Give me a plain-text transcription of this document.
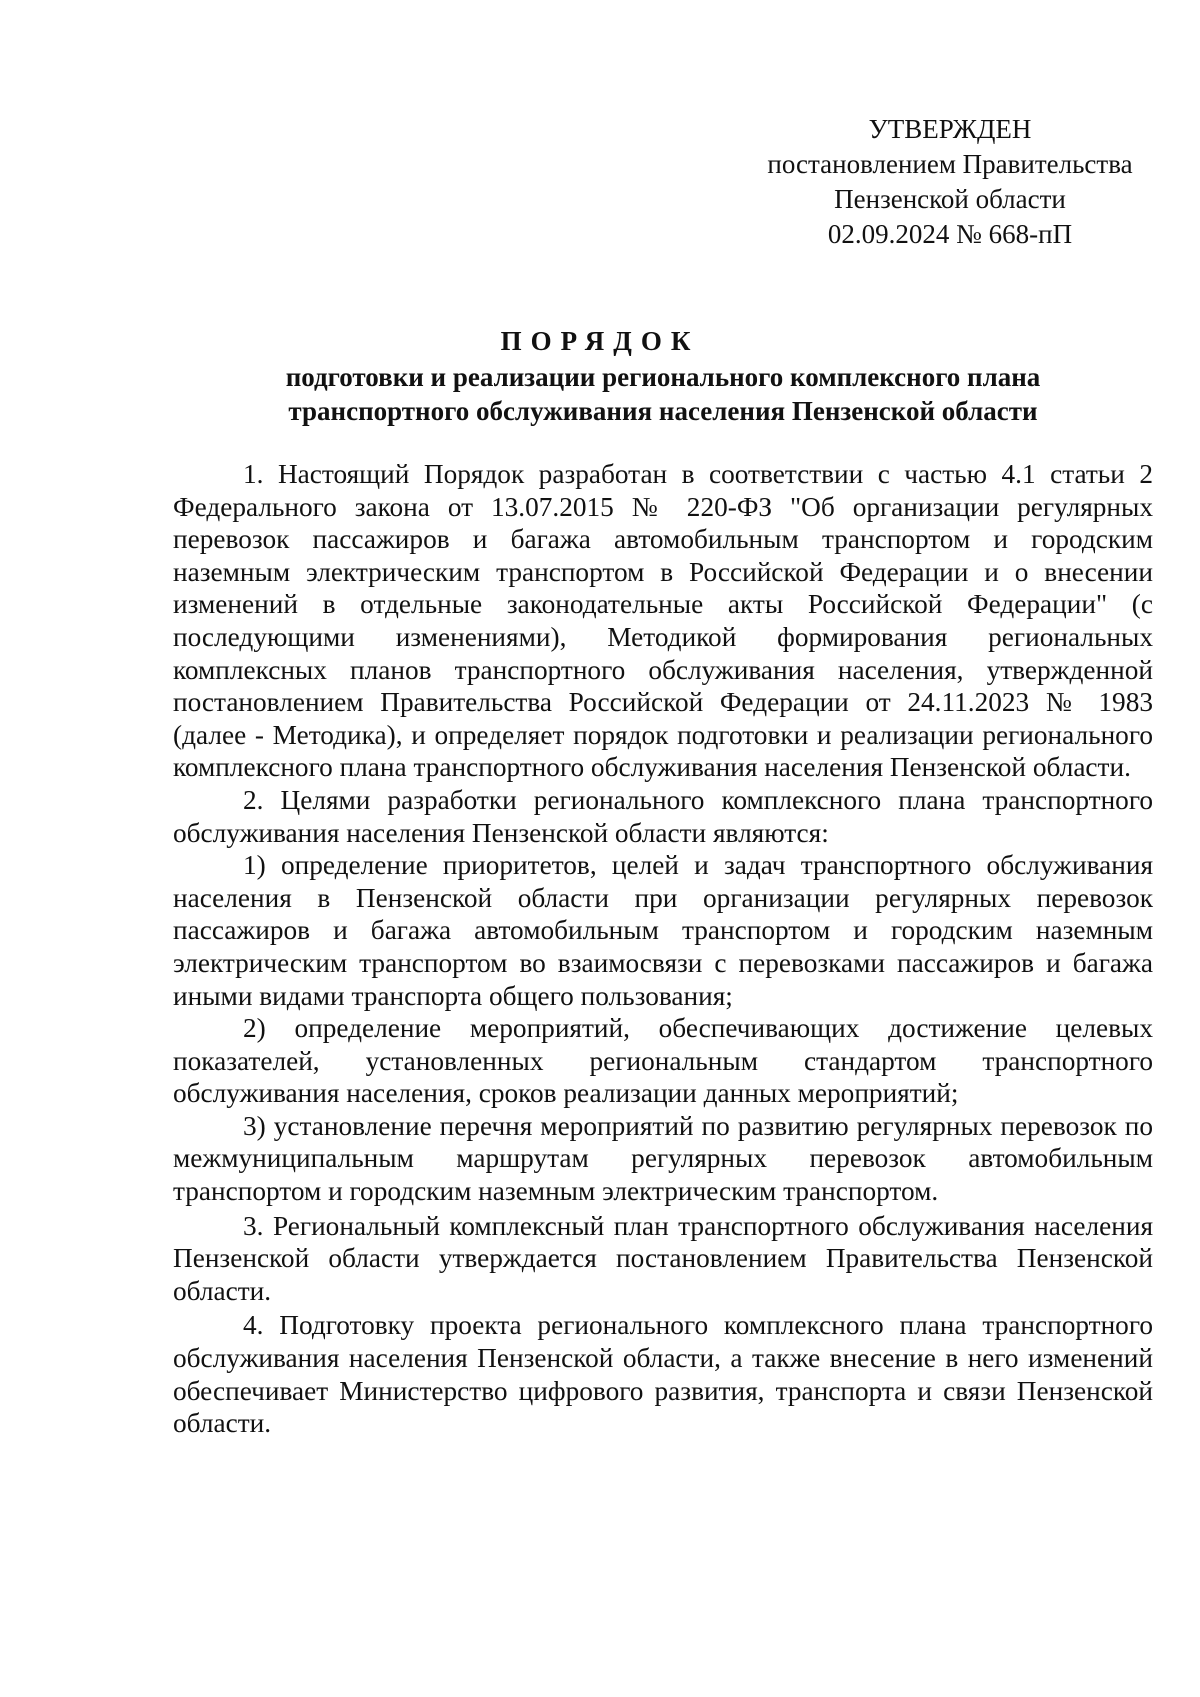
УТВЕРЖДЕН
постановлением Правительства
Пензенской области
02.09.2024 № 668-пП
ПОРЯДОК
подготовки и реализации регионального комплексного плана
транспортного обслуживания населения Пензенской области

1. Настоящий Порядок разработан в соответствии с частью 4.1 статьи 2 Федерального закона от 13.07.2015 № 220-ФЗ "Об организации регулярных перевозок пассажиров и багажа автомобильным транспортом и городским наземным электрическим транспортом в Российской Федерации и о внесении изменений в отдельные законодательные акты Российской Федерации" (с последующими изменениями), Методикой формирования региональных комплексных планов транспортного обслуживания населения, утвержденной постановлением Правительства Российской Федерации от 24.11.2023 № 1983 (далее - Методика), и определяет порядок подготовки и реализации регионального комплексного плана транспортного обслуживания населения Пензенской области.

2. Целями разработки регионального комплексного плана транспортного обслуживания населения Пензенской области являются:

1) определение приоритетов, целей и задач транспортного обслуживания населения в Пензенской области при организации регулярных перевозок пассажиров и багажа автомобильным транспортом и городским наземным электрическим транспортом во взаимосвязи с перевозками пассажиров и багажа иными видами транспорта общего пользования;

2) определение мероприятий, обеспечивающих достижение целевых показателей, установленных региональным стандартом транспортного обслуживания населения, сроков реализации данных мероприятий;

3) установление перечня мероприятий по развитию регулярных перевозок по межмуниципальным маршрутам регулярных перевозок автомобильным транспортом и городским наземным электрическим транспортом.

3. Региональный комплексный план транспортного обслуживания населения Пензенской области утверждается постановлением Правительства Пензенской области.

4. Подготовку проекта регионального комплексного плана транспортного обслуживания населения Пензенской области, а также внесение в него изменений обеспечивает Министерство цифрового развития, транспорта и связи Пензенской области.
